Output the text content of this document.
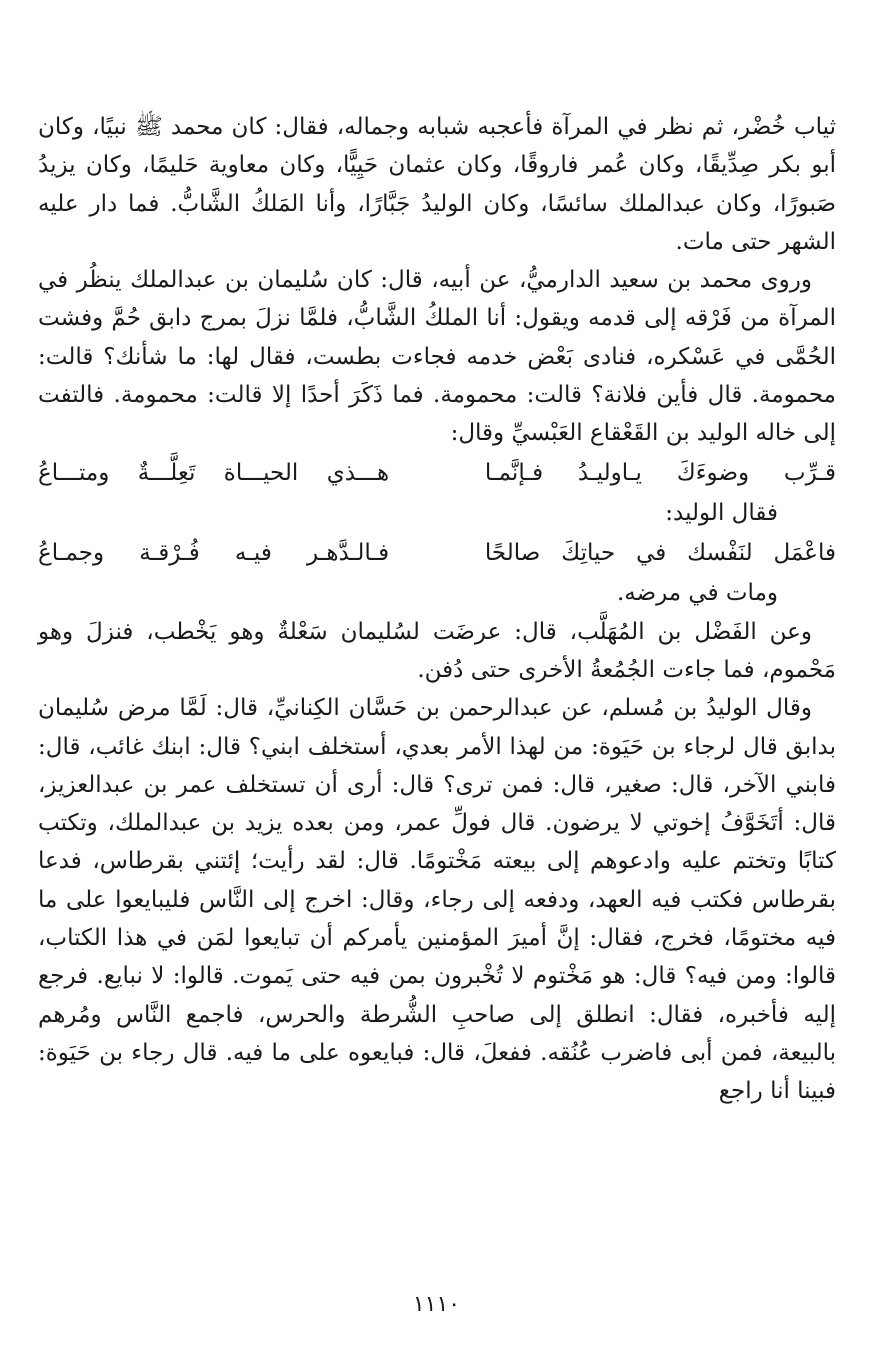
ثياب خُضْر، ثم نظر في المرآة فأعجبه شبابه وجماله، فقال: كان محمد ﷺ نبيًا، وكان أبو بكر صِدِّيقًا، وكان عُمر فاروقًا، وكان عثمان حَيِيًّا، وكان معاوية حَليمًا، وكان يزيدُ صَبورًا، وكان عبدالملك سائسًا، وكان الوليدُ جَبَّارًا، وأنا المَلكُ الشَّابُّ. فما دار عليه الشهر حتى مات.

وروى محمد بن سعيد الدارميُّ، عن أبيه، قال: كان سُليمان بن عبدالملك ينظُر في المرآة من فَرْقه إلى قدمه ويقول: أنا الملكُ الشَّابُّ، فلمَّا نزلَ بمرج دابق حُمَّ وفشت الحُمَّى في عَسْكره، فنادى بَعْض خدمه فجاءت بطست، فقال لها: ما شأنك؟ قالت: محمومة. قال فأين فلانة؟ قالت: محمومة. فما ذَكَرَ أحدًا إلا قالت: محمومة. فالتفت إلى خاله الوليد بن القَعْقاع العَبْسيِّ وقال:

قـرِّب وضوءَكَ يـاوليـدُ فـإنَّمـا
هـــذي الحيـــاة تَعِلَّـــةٌ ومتـــاعُ

فقال الوليد:

فاعْمَل لنَفْسك في حياتِكَ صالحًا
فـالـدَّهـر فيـه فُـرْقـة وجمـاعُ

ومات في مرضه.

وعن الفَضْل بن المُهَلَّب، قال: عرضَت لسُليمان سَعْلةٌ وهو يَخْطب، فنزلَ وهو مَحْموم، فما جاءت الجُمُعةُ الأخرى حتى دُفن.

وقال الوليدُ بن مُسلم، عن عبدالرحمن بن حَسَّان الكِنانيِّ، قال: لَمَّا مرض سُليمان بدابق قال لرجاء بن حَيَوة: من لهذا الأمر بعدي، أستخلف ابني؟ قال: ابنك غائب، قال: فابني الآخر، قال: صغير، قال: فمن ترى؟ قال: أرى أن تستخلف عمر بن عبدالعزيز، قال: أتَخَوَّفُ إخوتي لا يرضون. قال فولِّ عمر، ومن بعده يزيد بن عبدالملك، وتكتب كتابًا وتختم عليه وادعوهم إلى بيعته مَخْتومًا. قال: لقد رأيت؛ إئتني بقرطاس، فدعا بقرطاس فكتب فيه العهد، ودفعه إلى رجاء، وقال: اخرج إلى النَّاس فليبايعوا على ما فيه مختومًا، فخرج، فقال: إنَّ أميرَ المؤمنين يأمركم أن تبايعوا لمَن في هذا الكتاب، قالوا: ومن فيه؟ قال: هو مَخْتوم لا تُخْبرون بمن فيه حتى يَموت. قالوا: لا نبايع. فرجع إليه فأخبره، فقال: انطلق إلى صاحبِ الشُّرطة والحرس، فاجمع النَّاس ومُرهم بالبيعة، فمن أبى فاضرب عُنُقه. ففعلَ، قال: فبايعوه على ما فيه. قال رجاء بن حَيَوة: فبينا أنا راجع

١١١٠
